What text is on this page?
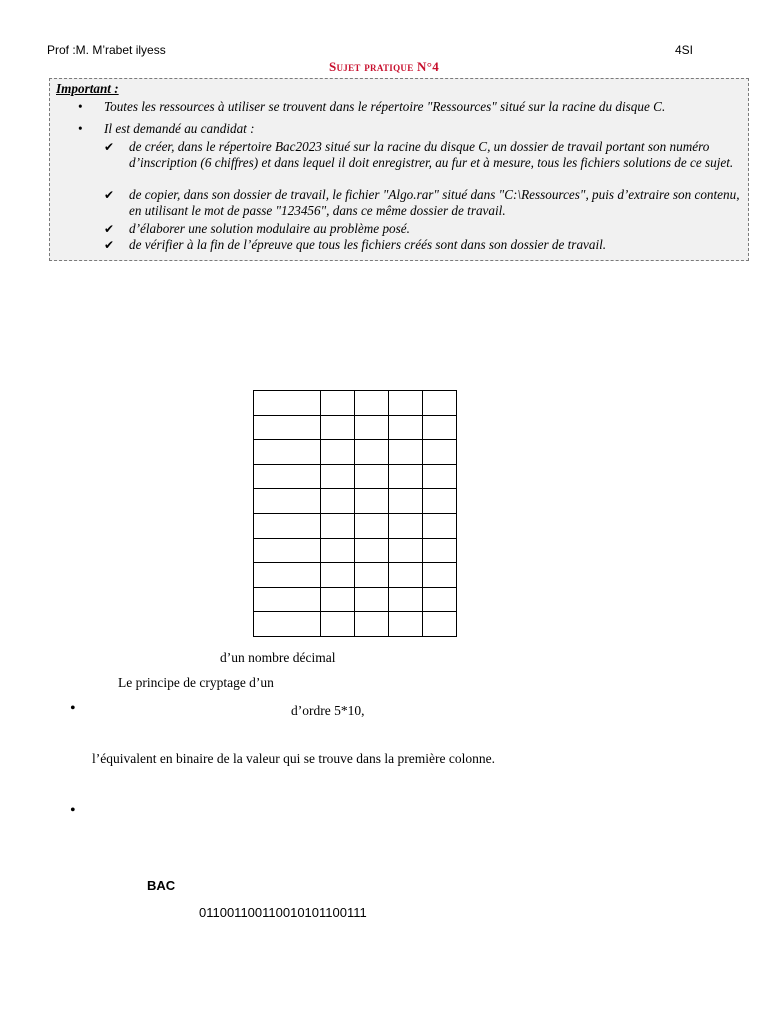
Prof :M. M’rabet ilyess	4SI
Sujet pratique N°4
Important :
• Toutes les ressources à utiliser se trouvent dans le répertoire "Ressources" situé sur la racine du disque C.
• Il est demandé au candidat :
✔ de créer, dans le répertoire Bac2023 situé sur la racine du disque C, un dossier de travail portant son numéro d’inscription (6 chiffres) et dans lequel il doit enregistrer, au fur et à mesure, tous les fichiers solutions de ce sujet.
✔ de copier, dans son dossier de travail, le fichier "Algo.rar" situé dans "C:\Ressources", puis d’extraire son contenu, en utilisant le mot de passe "123456", dans ce même dossier de travail.
✔ d’élaborer une solution modulaire au problème posé.
✔ de vérifier à la fin de l’épreuve que tous les fichiers créés sont dans son dossier de travail.

d’un nombre décimal
Le principe de cryptage d’un
•	d’ordre 5*10,
l’équivalent en binaire de la valeur qui se trouve dans la première colonne.
•
BAC
011001100110010101100111
